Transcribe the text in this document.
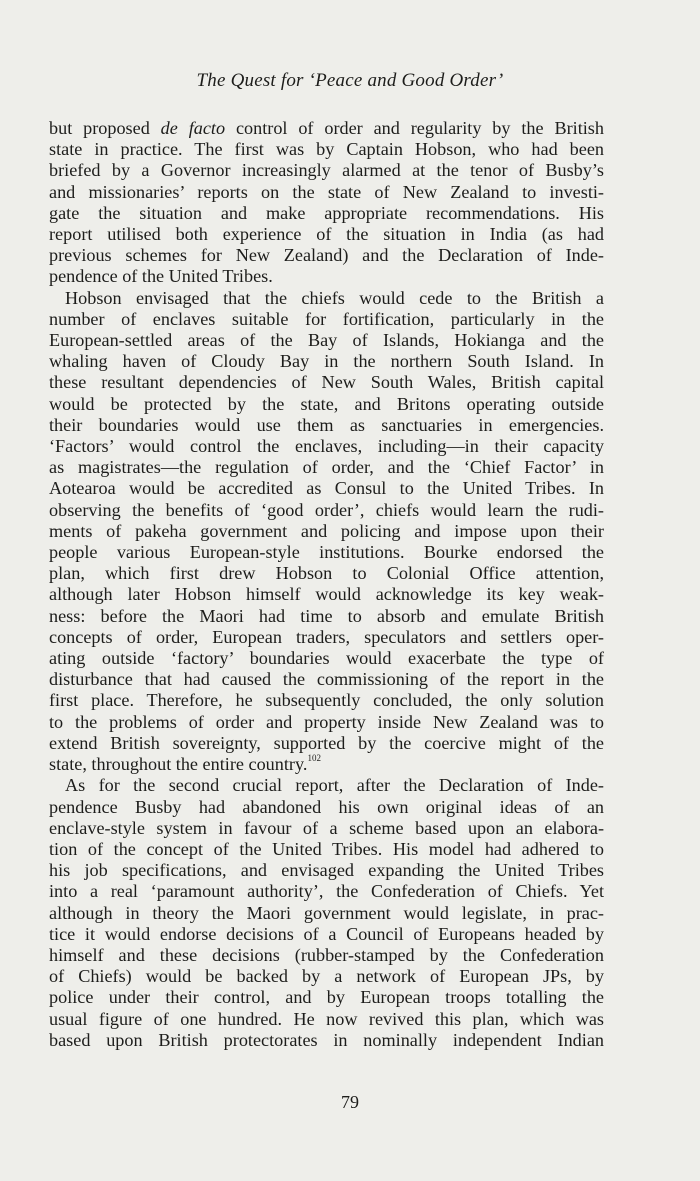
The Quest for ‘Peace and Good Order’
but proposed de facto control of order and regularity by the British
state in practice. The first was by Captain Hobson, who had been
briefed by a Governor increasingly alarmed at the tenor of Busby’s
and missionaries’ reports on the state of New Zealand to investi-
gate the situation and make appropriate recommendations. His
report utilised both experience of the situation in India (as had
previous schemes for New Zealand) and the Declaration of Inde-
pendence of the United Tribes.
Hobson envisaged that the chiefs would cede to the British a
number of enclaves suitable for fortification, particularly in the
European-settled areas of the Bay of Islands, Hokianga and the
whaling haven of Cloudy Bay in the northern South Island. In
these resultant dependencies of New South Wales, British capital
would be protected by the state, and Britons operating outside
their boundaries would use them as sanctuaries in emergencies.
‘Factors’ would control the enclaves, including—in their capacity
as magistrates—the regulation of order, and the ‘Chief Factor’ in
Aotearoa would be accredited as Consul to the United Tribes. In
observing the benefits of ‘good order’, chiefs would learn the rudi-
ments of pakeha government and policing and impose upon their
people various European-style institutions. Bourke endorsed the
plan, which first drew Hobson to Colonial Office attention,
although later Hobson himself would acknowledge its key weak-
ness: before the Maori had time to absorb and emulate British
concepts of order, European traders, speculators and settlers oper-
ating outside ‘factory’ boundaries would exacerbate the type of
disturbance that had caused the commissioning of the report in the
first place. Therefore, he subsequently concluded, the only solution
to the problems of order and property inside New Zealand was to
extend British sovereignty, supported by the coercive might of the
state, throughout the entire country.$^{102}$
As for the second crucial report, after the Declaration of Inde-
pendence Busby had abandoned his own original ideas of an
enclave-style system in favour of a scheme based upon an elabora-
tion of the concept of the United Tribes. His model had adhered to
his job specifications, and envisaged expanding the United Tribes
into a real ‘paramount authority’, the Confederation of Chiefs. Yet
although in theory the Maori government would legislate, in prac-
tice it would endorse decisions of a Council of Europeans headed by
himself and these decisions (rubber-stamped by the Confederation
of Chiefs) would be backed by a network of European JPs, by
police under their control, and by European troops totalling the
usual figure of one hundred. He now revived this plan, which was
based upon British protectorates in nominally independent Indian
79
